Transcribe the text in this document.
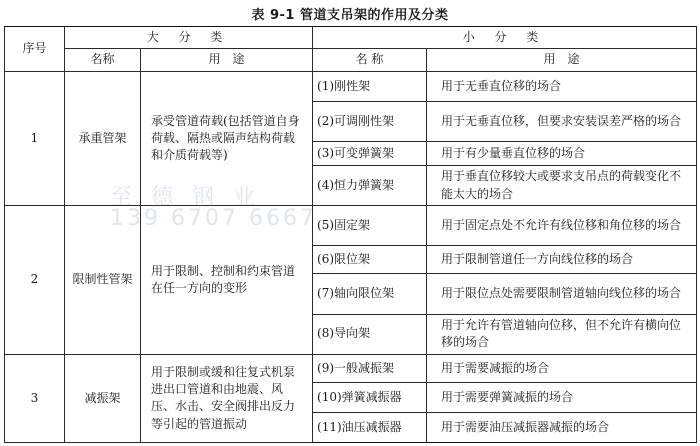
表 9-1 管道支吊架的作用及分类
序号	大 分 类		小 分 类	
	名称	用　途	名 称	用　途
1	承重管架	承受管道荷载(包括管道自身荷载、隔热或隔声结构荷载和介质荷载等)	(1)刚性架	用于无垂直位移的场合
			(2)可调刚性架	用于无垂直位移，但要求安装误差严格的场合
			(3)可变弹簧架	用于有少量垂直位移的场合
			(4)恒力弹簧架	用于垂直位移较大或要求支吊点的荷载变化不能太大的场合
2	限制性管架	用于限制、控制和约束管道在任一方向的变形	(5)固定架	用于固定点处不允许有线位移和角位移的场合
			(6)限位架	用于限制管道任一方向线位移的场合
			(7)轴向限位架	用于限位点处需要限制管道轴向线位移的场合
			(8)导向架	用于允许有管道轴向位移，但不允许有横向位移的场合
3	减振架	用于限制或缓和往复式机泵进出口管道和由地震、风压、水击、安全阀排出反力等引起的管道振动	(9)一般减振架	用于需要减振的场合
			(10)弹簧减振器	用于需要弹簧减振的场合
			(11)油压减振器	用于需要油压减振器减振的场合
至 德 钢 业
139 6707 6667
